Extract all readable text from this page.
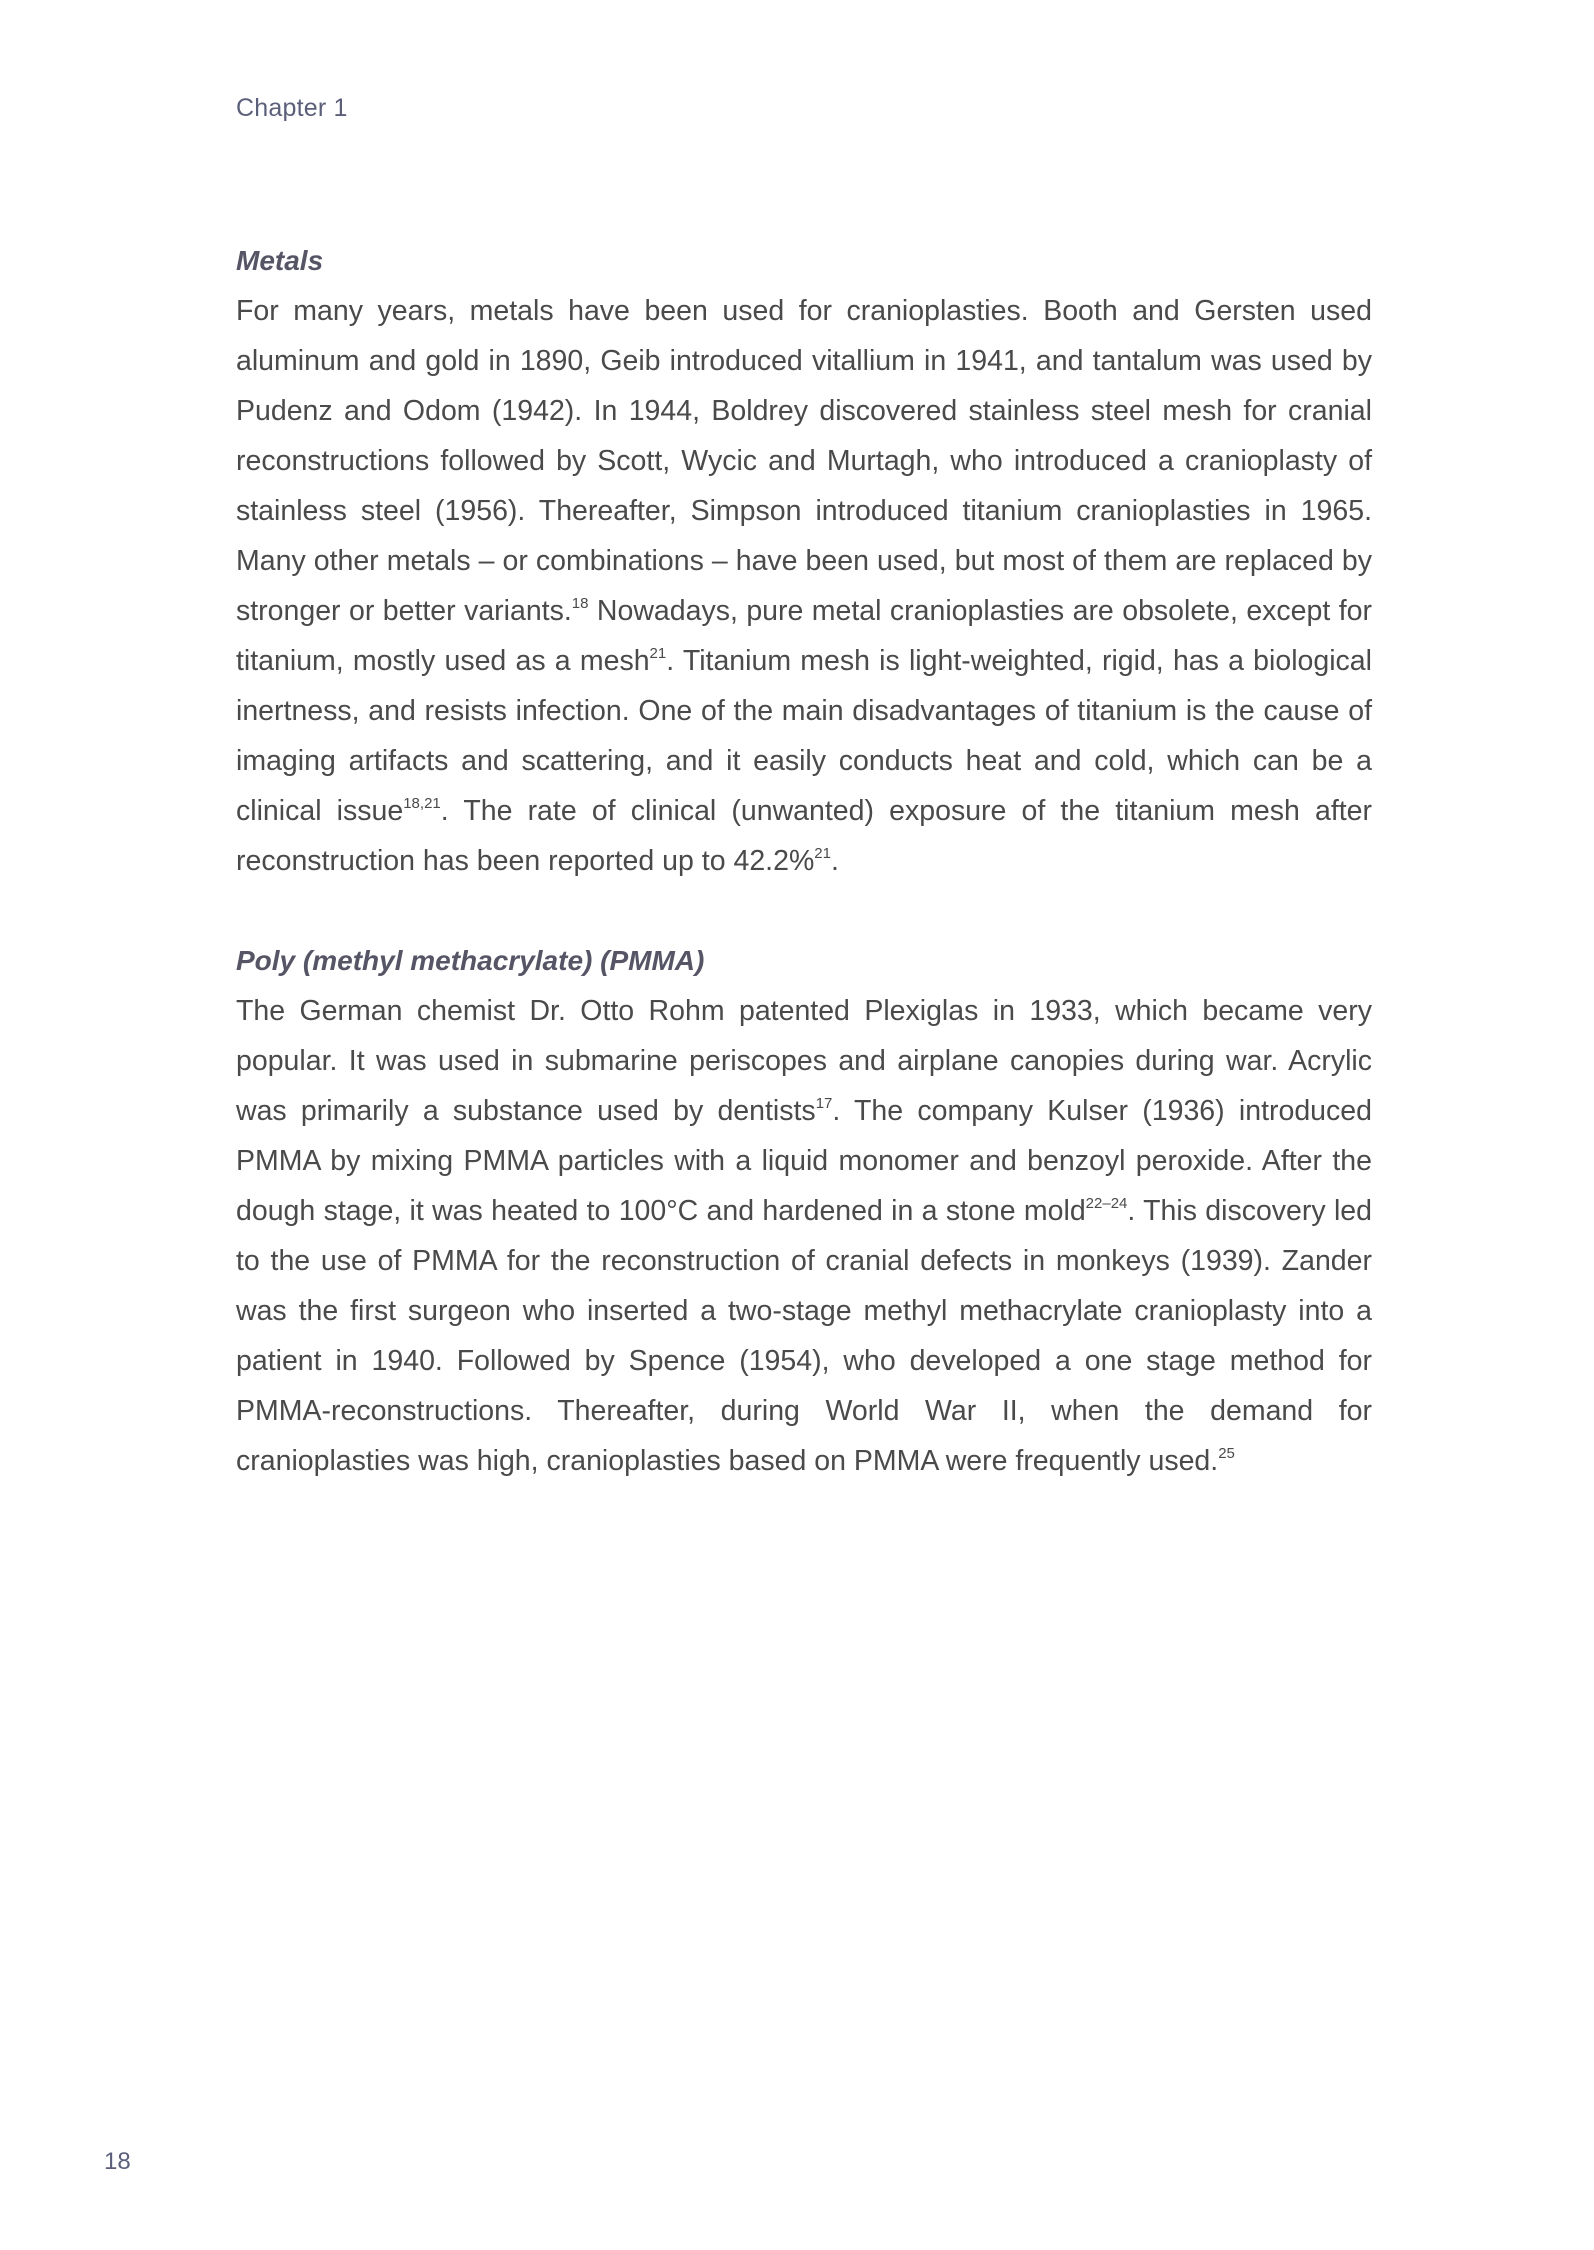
Chapter 1
Metals

For many years, metals have been used for cranioplasties. Booth and Gersten used aluminum and gold in 1890, Geib introduced vitallium in 1941, and tantalum was used by Pudenz and Odom (1942). In 1944, Boldrey discovered stainless steel mesh for cranial reconstructions followed by Scott, Wycic and Murtagh, who introduced a cranioplasty of stainless steel (1956). Thereafter, Simpson introduced titanium cranioplasties in 1965. Many other metals – or combinations – have been used, but most of them are replaced by stronger or better variants.$^{18}$ Nowadays, pure metal cranioplasties are obsolete, except for titanium, mostly used as a mesh$^{21}$. Titanium mesh is light-weighted, rigid, has a biological inertness, and resists infection. One of the main disadvantages of titanium is the cause of imaging artifacts and scattering, and it easily conducts heat and cold, which can be a clinical issue$^{18,21}$. The rate of clinical (unwanted) exposure of the titanium mesh after reconstruction has been reported up to 42.2%$^{21}$.

Poly (methyl methacrylate) (PMMA)

The German chemist Dr. Otto Rohm patented Plexiglas in 1933, which became very popular. It was used in submarine periscopes and airplane canopies during war. Acrylic was primarily a substance used by dentists$^{17}$. The company Kulser (1936) introduced PMMA by mixing PMMA particles with a liquid monomer and benzoyl peroxide. After the dough stage, it was heated to 100°C and hardened in a stone mold$^{22-24}$. This discovery led to the use of PMMA for the reconstruction of cranial defects in monkeys (1939). Zander was the first surgeon who inserted a two-stage methyl methacrylate cranioplasty into a patient in 1940. Followed by Spence (1954), who developed a one stage method for PMMA-reconstructions. Thereafter, during World War II, when the demand for cranioplasties was high, cranioplasties based on PMMA were frequently used.$^{25}$

18
